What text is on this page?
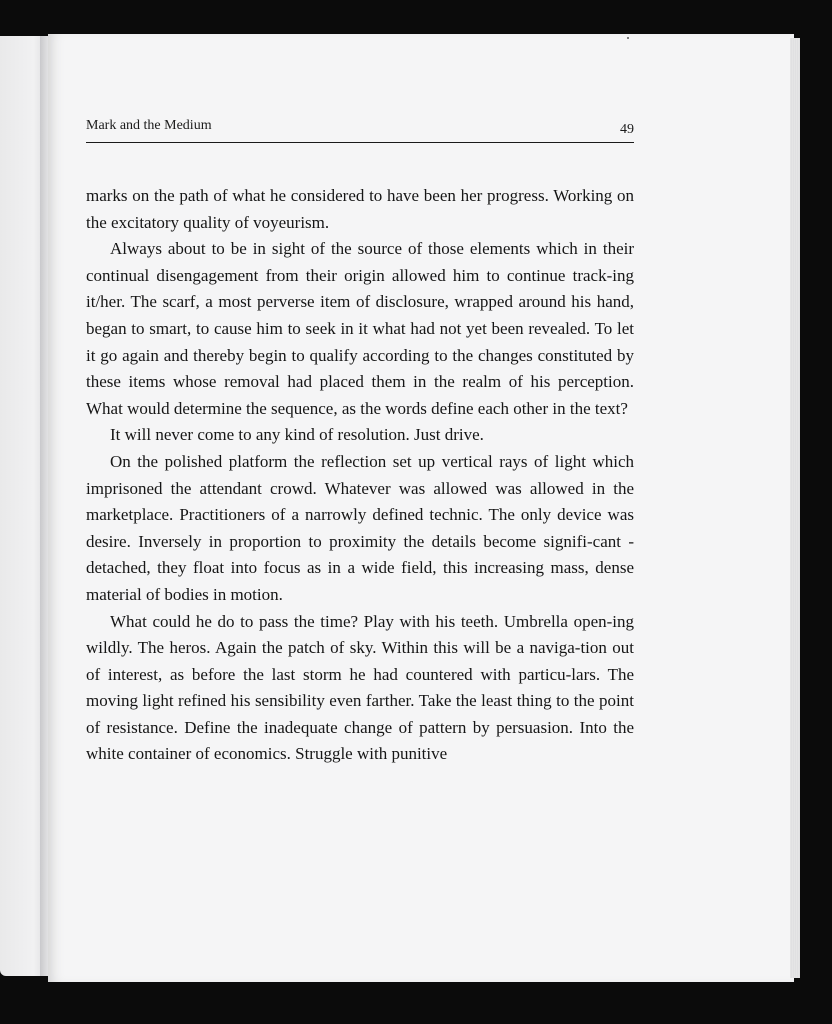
Mark and the Medium	49

marks on the path of what he considered to have been her progress. Working on the excitatory quality of voyeurism.

Always about to be in sight of the source of those elements which in their continual disengagement from their origin allowed him to continue track-ing it/her. The scarf, a most perverse item of disclosure, wrapped around his hand, began to smart, to cause him to seek in it what had not yet been revealed. To let it go again and thereby begin to qualify according to the changes constituted by these items whose removal had placed them in the realm of his perception. What would determine the sequence, as the words define each other in the text?

It will never come to any kind of resolution. Just drive.

On the polished platform the reflection set up vertical rays of light which imprisoned the attendant crowd. Whatever was allowed was allowed in the marketplace. Practitioners of a narrowly defined technic. The only device was desire. Inversely in proportion to proximity the details become signifi-cant - detached, they float into focus as in a wide field, this increasing mass, dense material of bodies in motion.

What could he do to pass the time? Play with his teeth. Umbrella open-ing wildly. The heros. Again the patch of sky. Within this will be a naviga-tion out of interest, as before the last storm he had countered with particu-lars. The moving light refined his sensibility even farther. Take the least thing to the point of resistance. Define the inadequate change of pattern by persuasion. Into the white container of economics. Struggle with punitive
